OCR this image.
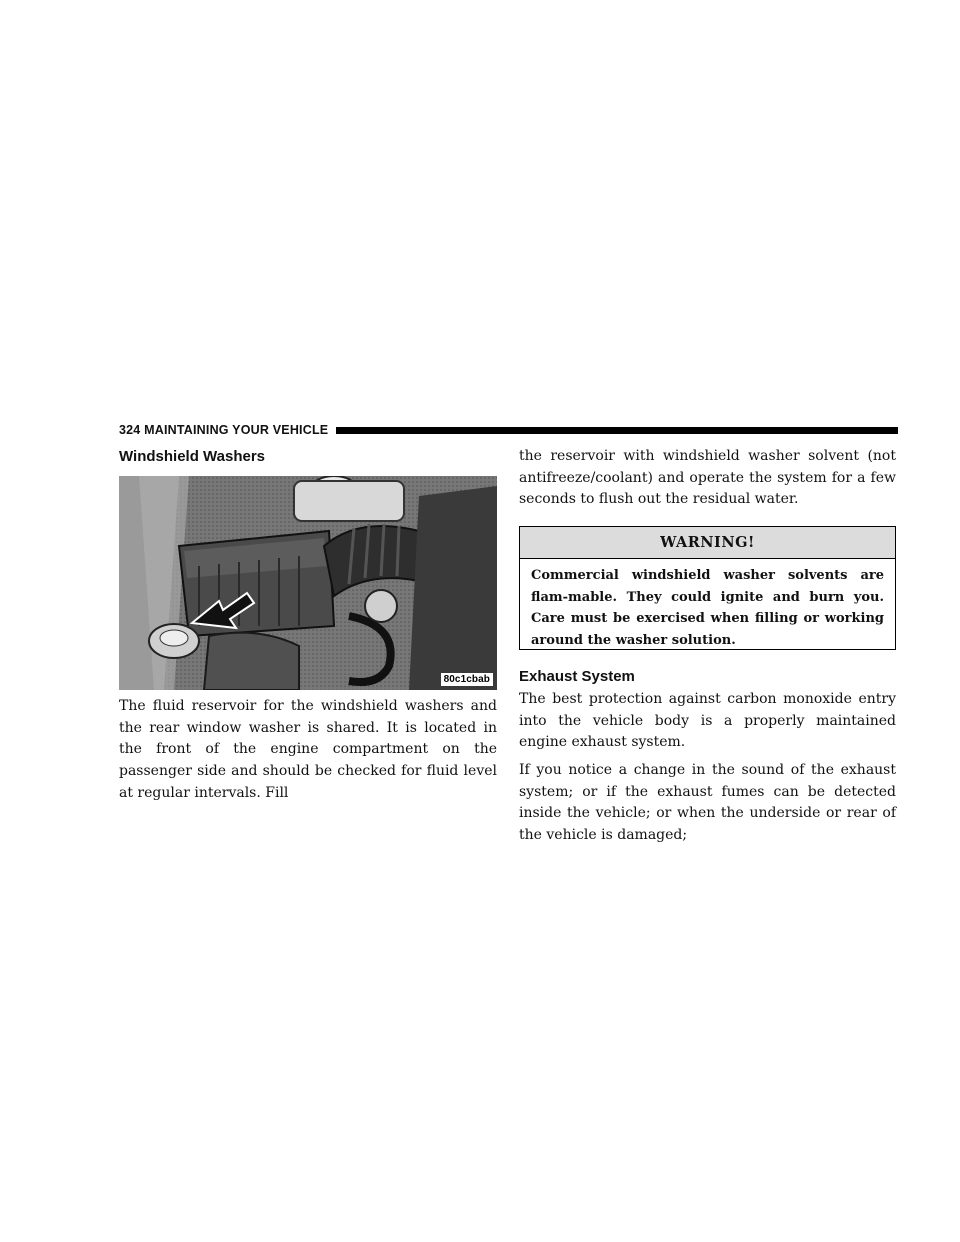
324 MAINTAINING YOUR VEHICLE
Windshield Washers
80c1cbab

The fluid reservoir for the windshield washers and the rear window washer is shared. It is located in the front of the engine compartment on the passenger side and should be checked for fluid level at regular intervals. Fill

the reservoir with windshield washer solvent (not antifreeze/coolant) and operate the system for a few seconds to flush out the residual water.

WARNING!

Commercial windshield washer solvents are flam-mable. They could ignite and burn you. Care must be exercised when filling or working around the washer solution.

Exhaust System

The best protection against carbon monoxide entry into the vehicle body is a properly maintained engine exhaust system.

If you notice a change in the sound of the exhaust system; or if the exhaust fumes can be detected inside the vehicle; or when the underside or rear of the vehicle is damaged;
